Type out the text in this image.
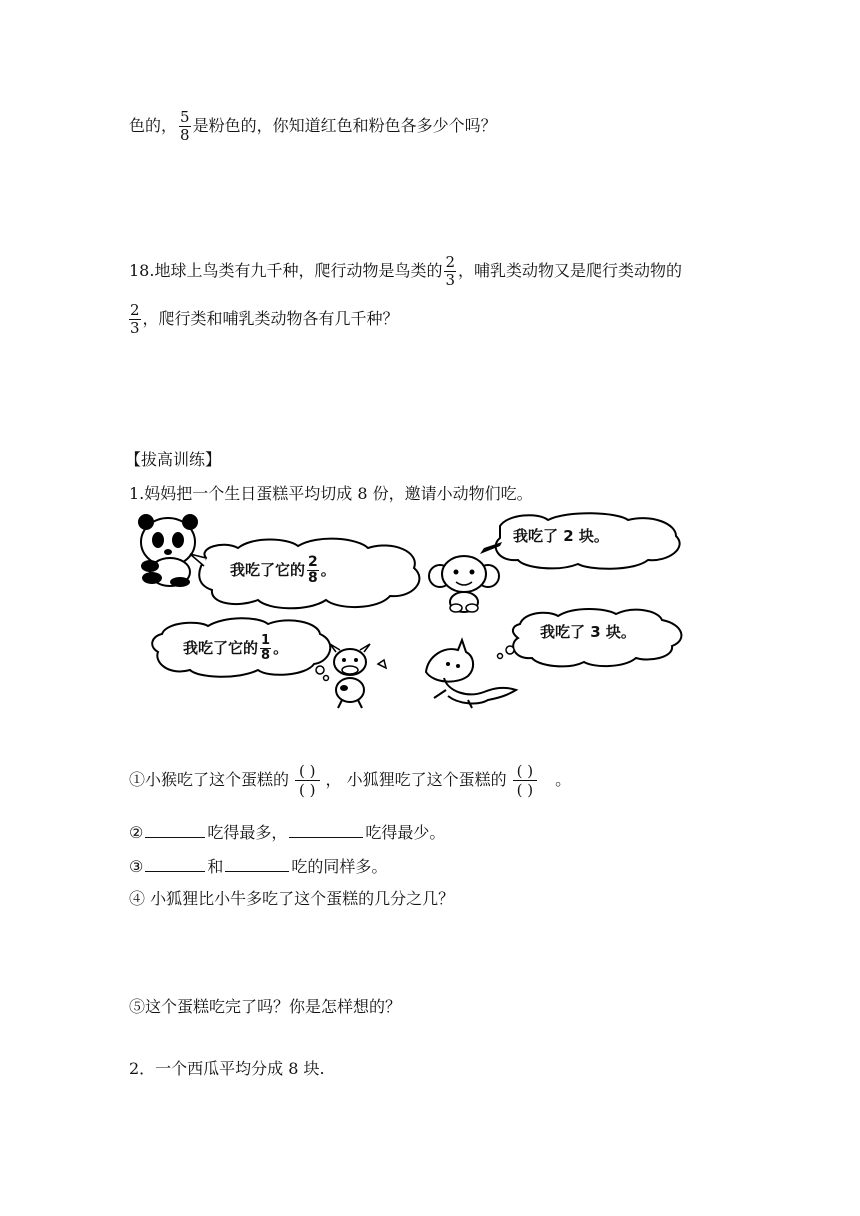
色的， $\frac{5}{8}$ 是粉色的，你知道红色和粉色各多少个吗？
18.地球上鸟类有九千种，爬行动物是鸟类的 $\frac{2}{3}$ ，哺乳类动物又是爬行类动物的
$\frac{2}{3}$ ，爬行类和哺乳类动物各有几千种？
【拔高训练】
1.妈妈把一个生日蛋糕平均切成 8 份，邀请小动物们吃。
我吃了它的 $\frac{2}{8}$ 。
我吃了 2 块。
我吃了它的 $\frac{1}{8}$ 。
我吃了 3 块。
①小猴吃了这个蛋糕的 ( )
( )
， 小狐狸吃了这个蛋糕的 ( )
( )
。
②	吃得最多，	吃得最少。
③	和	吃的同样多。
④ 小狐狸比小牛多吃了这个蛋糕的几分之几？
⑤这个蛋糕吃完了吗？你是怎样想的？
2．一个西瓜平均分成 8 块.
